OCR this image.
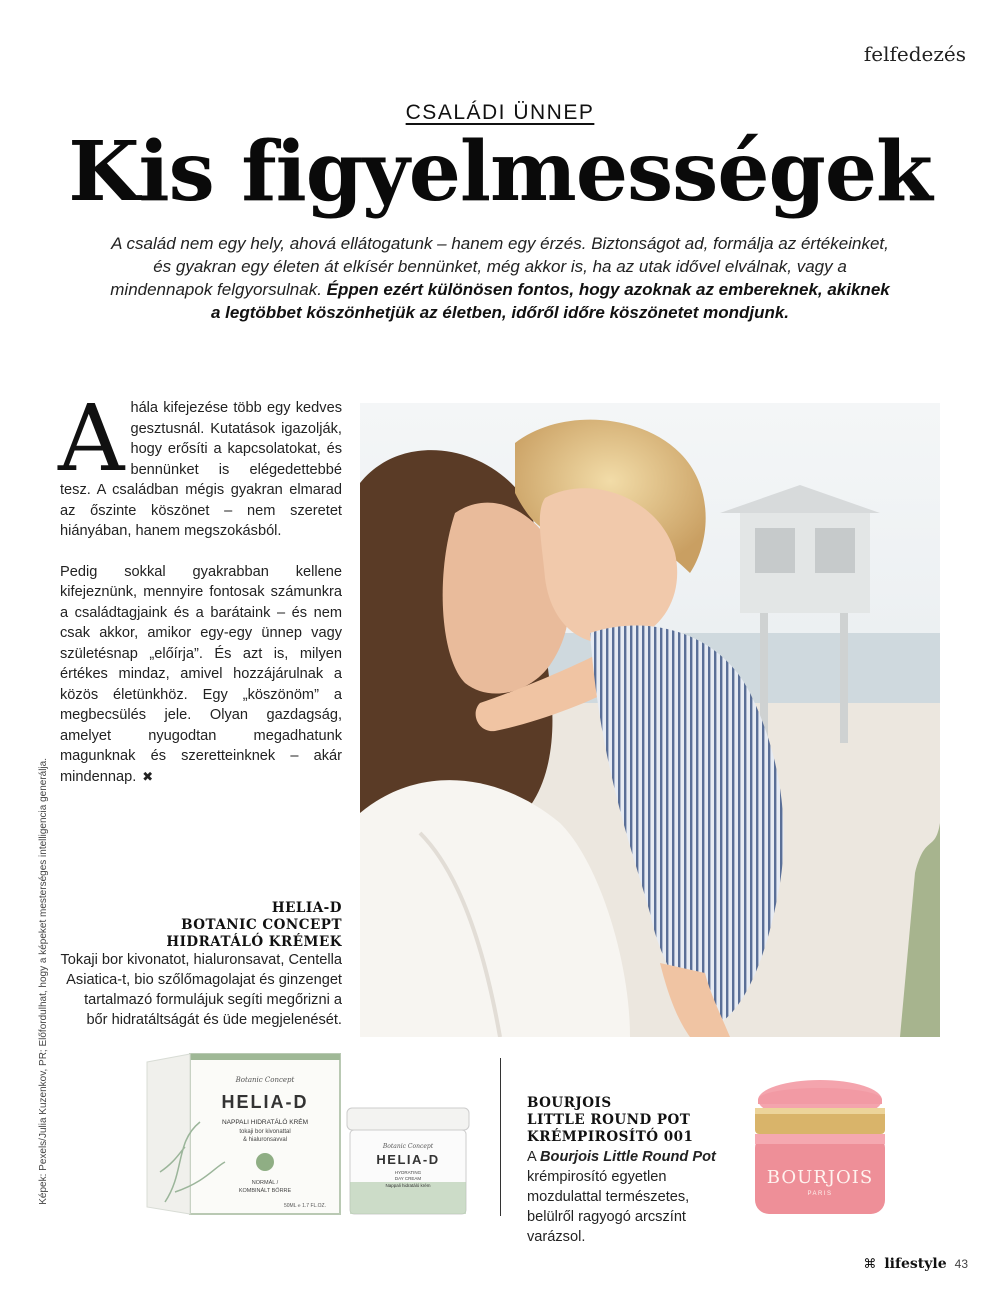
felfedezés
CSALÁDI ÜNNEP
Kis figyelmességek
A család nem egy hely, ahová ellátogatunk – hanem egy érzés. Biztonságot ad, formálja az értékeinket, és gyakran egy életen át elkísér bennünket, még akkor is, ha az utak idővel elválnak, vagy a mindennapok felgyorsulnak. Éppen ezért különösen fontos, hogy azoknak az embereknek, akiknek a legtöbbet köszönhetjük az életben, időről időre köszönetet mondjunk.

Ahála kifejezése több egy kedves gesztusnál. Kutatások igazolják, hogy erősíti a kapcsolatokat, és bennünket is elégedettebbé tesz. A családban mégis gyakran elmarad az őszinte köszönet – nem szeretet hiányában, hanem megszokásból.

Pedig sokkal gyakrabban kellene kifejeznünk, mennyire fontosak számunkra a családtagjaink és a barátaink – és nem csak akkor, amikor egy-egy ünnep vagy születésnap „előírja”. És azt is, milyen értékes mindaz, amivel hozzájárulnak a közös életünkhöz. Egy „köszönöm” a megbecsülés jele. Olyan gazdagság, amelyet nyugodtan megadhatunk magunknak és szeretteinknek – akár mindennap. ✖

Képek: Pexels/Julia Kuzenkov, PR; Előfordulhat, hogy a képeket mesterséges intelligencia generálja.	HELIA-D
BOTANIC CONCEPT
HIDRATÁLÓ KRÉMEK
Tokaji bor kivonatot, hialuronsavat, Centella Asiatica-t, bio szőlőmagolajat és ginzenget tartalmazó formulájuk segíti megőrizni a bőr hidratáltságát és üde megjelenését.
Botanic Concept
HELIA-D
NAPPALI HIDRATÁLÓ KRÉM
tokaji bor kivonattal
& hialuronsavval
NORMÁL /
KOMBINÁLT BŐRRE
50ML ℮ 1.7 FL.OZ.
Botanic Concept
HELIA-D
HYDRATING
DAY CREAM
Nappali hidratáló krém
BOURJOIS
LITTLE ROUND POT
KRÉMPIROSÍTÓ 001
A Bourjois Little Round Pot krémpirosító egyetlen mozdulattal természetes, belülről ragyogó arcszínt varázsol.
BOURJOIS
PARIS
⌘ lifestyle 43
